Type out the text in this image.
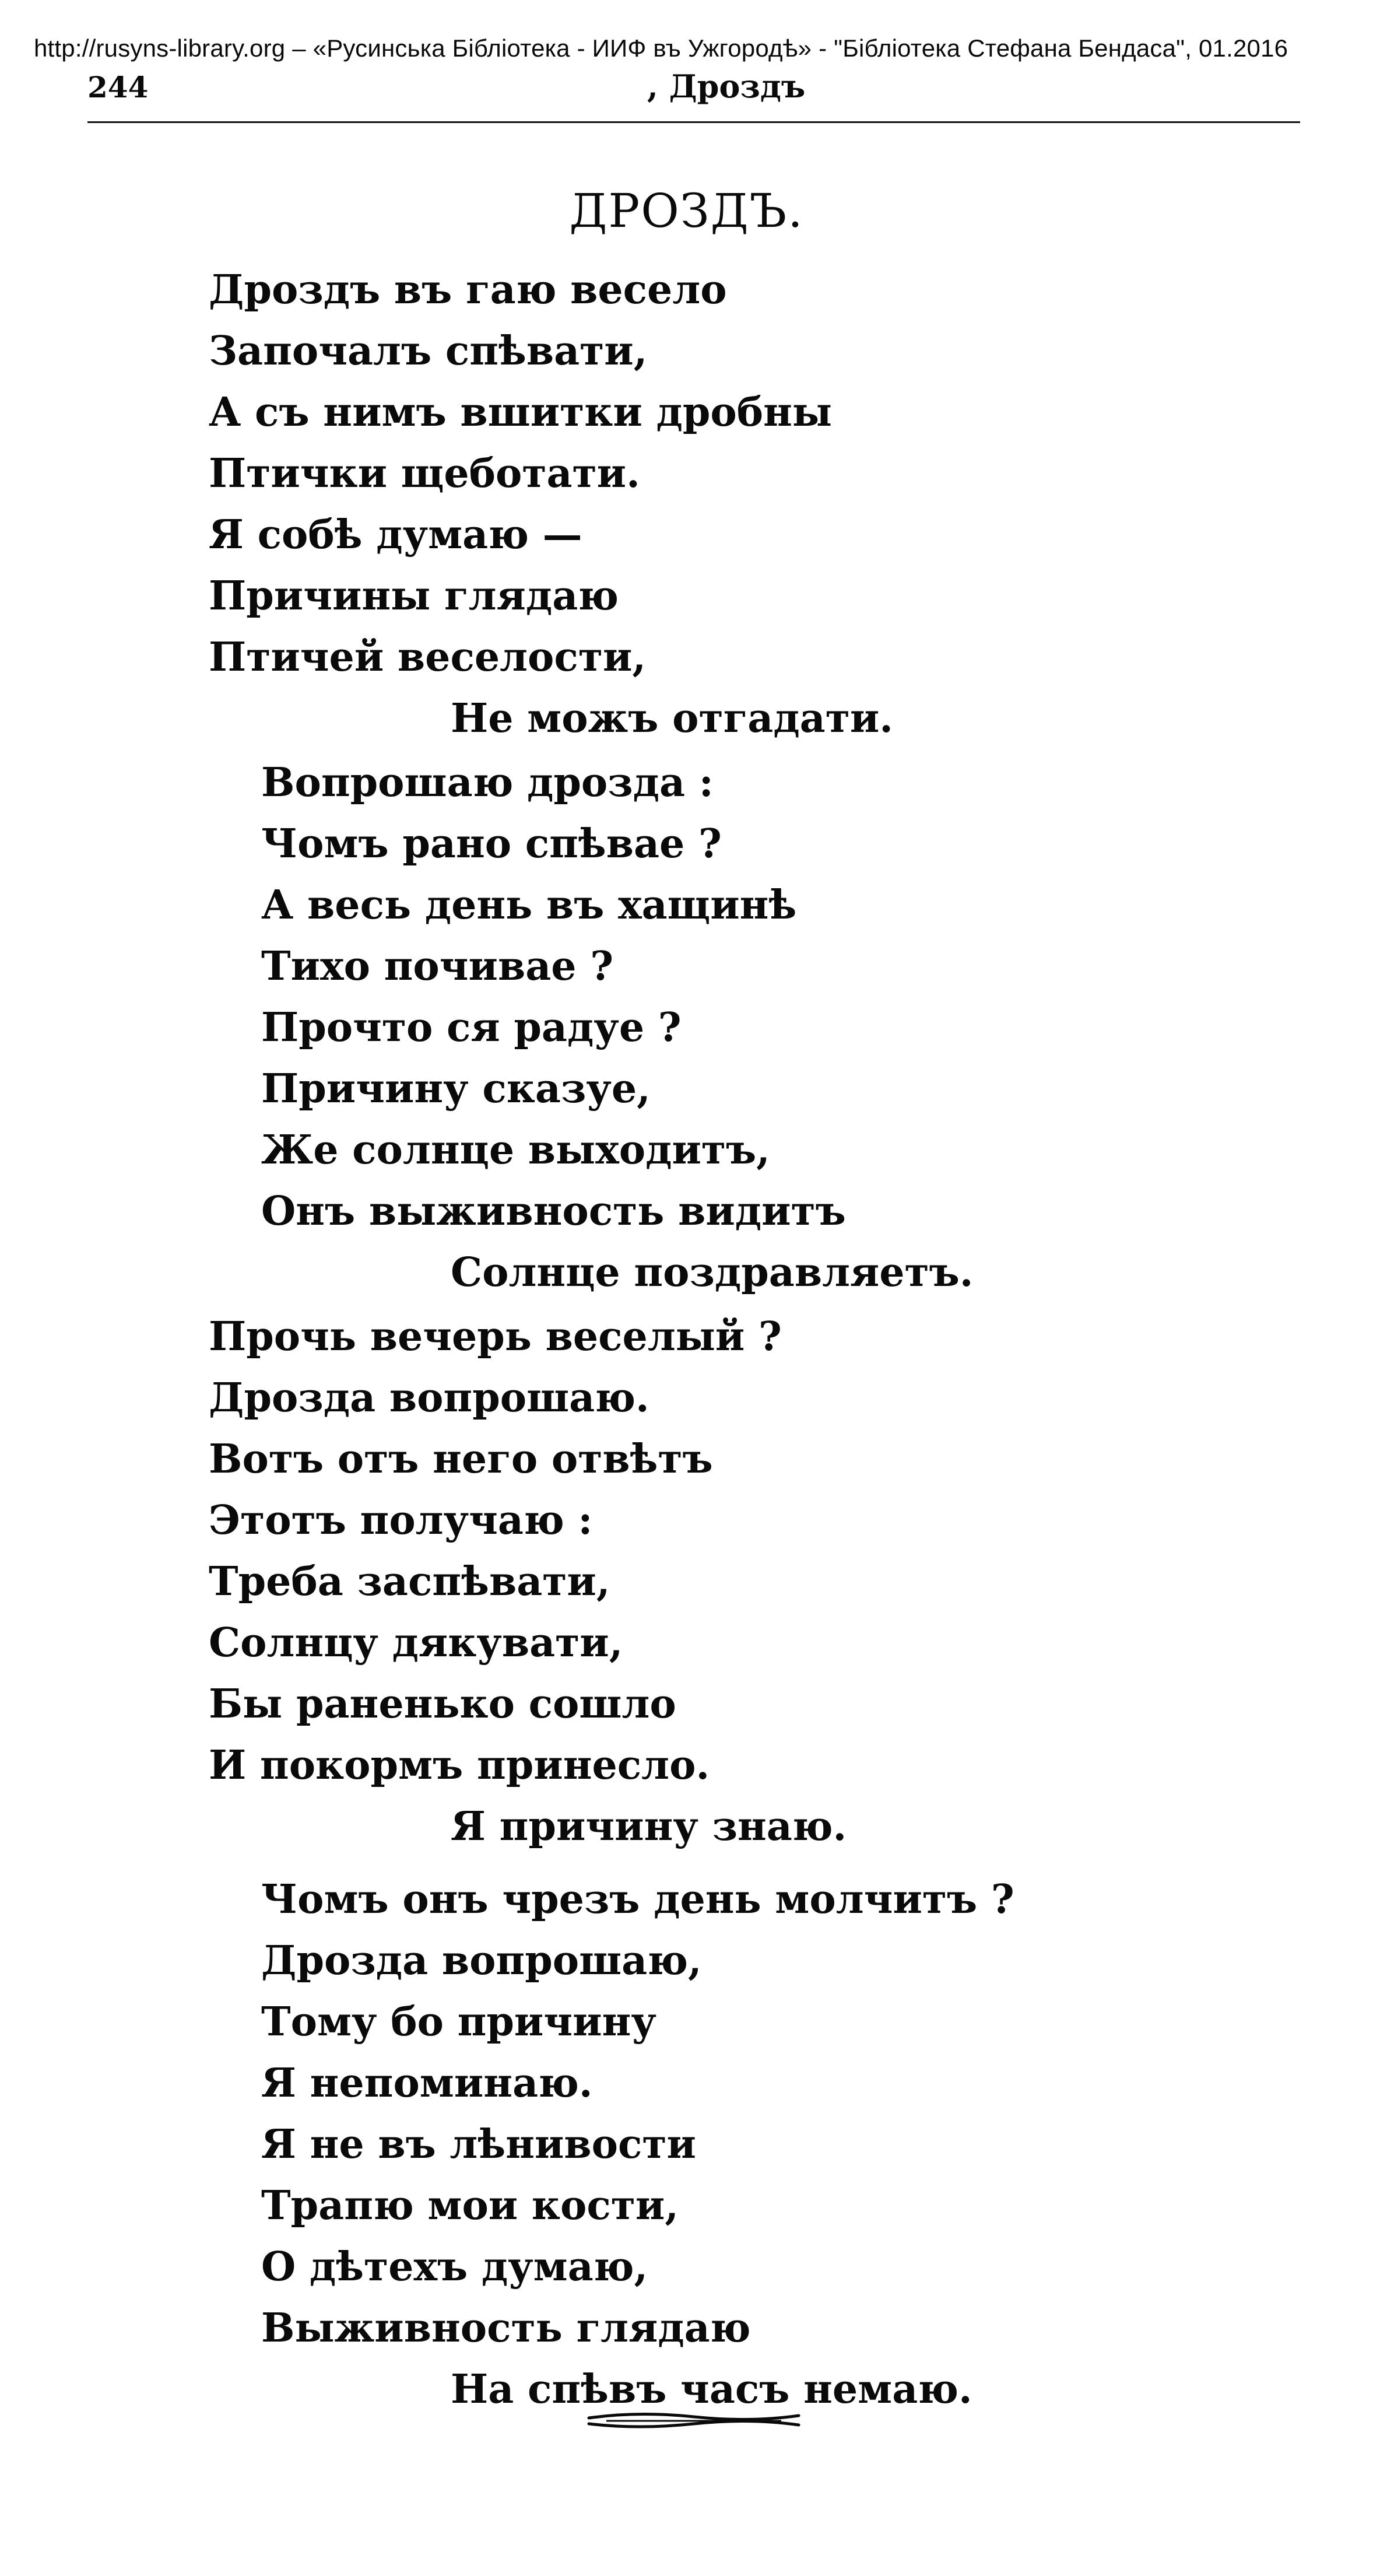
http://rusyns-library.org – «Русинська Бібліотека - ИИФ въ Ужгородѣ» - "Бібліотека Стефана Бендаса", 01.2016
244	, Дроздъ
ДРОЗДЪ.
Дроздъ въ гаю весело
Започалъ спѣвати,
А съ нимъ вшитки дробны
Птички щеботати.
Я собѣ думаю —
Причины глядаю
Птичей веселости,
Не можъ отгадати.
Вопрошаю дрозда :
Чомъ рано спѣвае ?
А весь день въ хащинѣ
Тихо почивае ?
Прочто ся радуе ?
Причину сказуе,
Же солнце выходитъ,
Онъ выживность видитъ
Солнце поздравляетъ.
Прочь вечерь веселый ?
Дрозда вопрошаю.
Вотъ отъ него отвѣтъ
Этотъ получаю :
Треба заспѣвати,
Солнцу дякувати,
Бы раненько сошло
И покормъ принесло.
Я причину знаю.
Чомъ онъ чрезъ день молчитъ ?
Дрозда вопрошаю,
Тому бо причину
Я непоминаю.
Я не въ лѣнивости
Трапю мои кости,
О дѣтехъ думаю,
Выживность глядаю
На спѣвъ часъ немаю.
